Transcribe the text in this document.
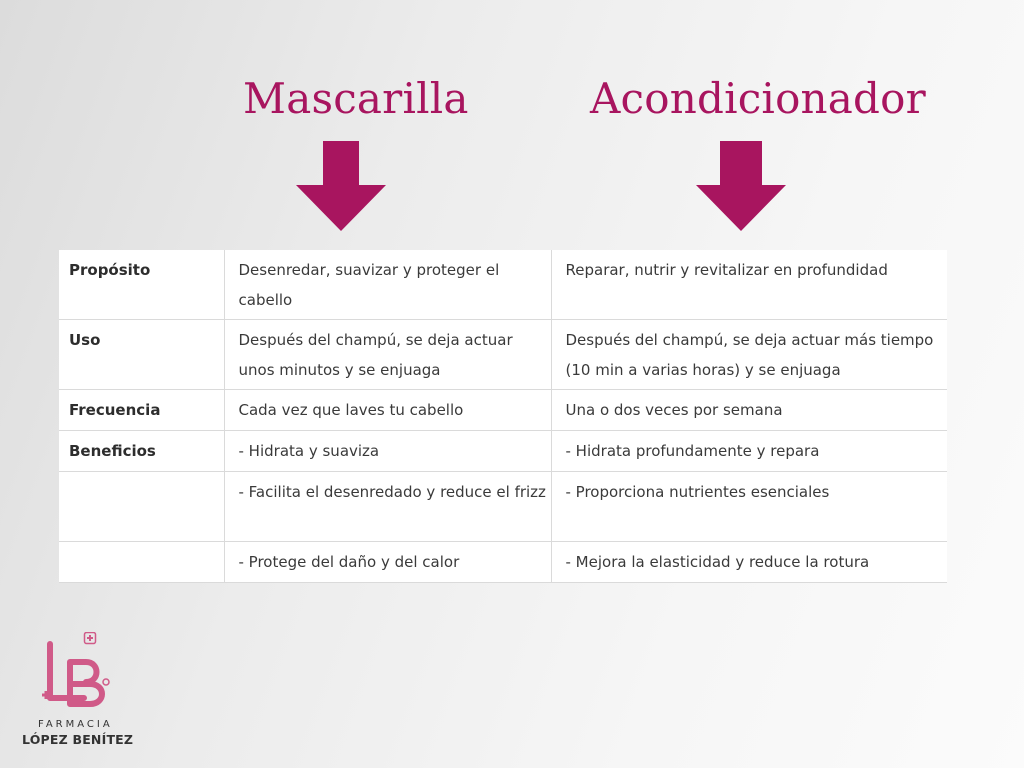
Mascarilla	Acondicionador
Propósito	Desenredar, suavizar y proteger el cabello	Reparar, nutrir y revitalizar en profundidad
Uso	Después del champú, se deja actuar unos minutos y se enjuaga	Después del champú, se deja actuar más tiempo (10 min a varias horas) y se enjuaga
Frecuencia	Cada vez que laves tu cabello	Una o dos veces por semana
Beneficios	- Hidrata y suaviza	- Hidrata profundamente y repara
	- Facilita el desenredado y reduce el frizz	- Proporciona nutrientes esenciales
	- Protege del daño y del calor	- Mejora la elasticidad y reduce la rotura
FARMACIA
LÓPEZ BENÍTEZ
